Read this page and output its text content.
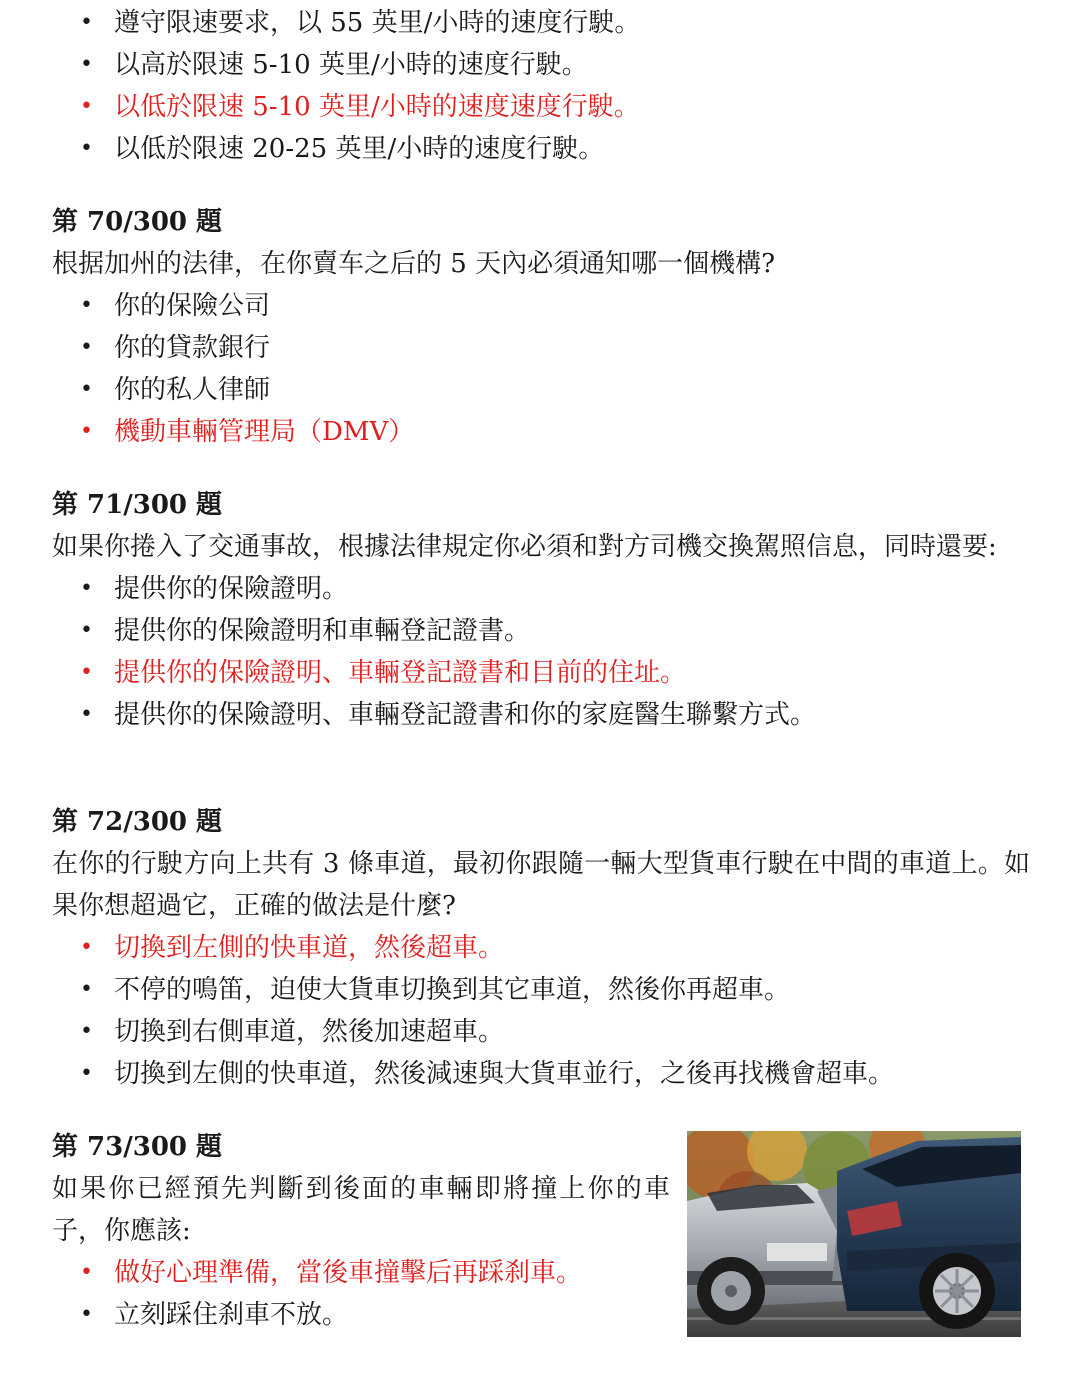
• 遵守限速要求，以 55 英里/小時的速度行駛。
• 以高於限速 5-10 英里/小時的速度行駛。
• 以低於限速 5-10 英里/小時的速度速度行駛。
• 以低於限速 20-25 英里/小時的速度行駛。
第 70/300 題

根据加州的法律，在你賣车之后的 5 天內必須通知哪一個機構?

• 你的保險公司
• 你的貸款銀行
• 你的私人律師
• 機動車輛管理局（DMV）
第 71/300 題

如果你捲入了交通事故，根據法律規定你必須和對方司機交換駕照信息，同時還要:

• 提供你的保險證明。
• 提供你的保險證明和車輛登記證書。
• 提供你的保險證明、車輛登記證書和目前的住址。
• 提供你的保險證明、車輛登記證書和你的家庭醫生聯繫方式。
第 72/300 題

在你的行駛方向上共有 3 條車道，最初你跟隨一輛大型貨車行駛在中間的車道上。如果你想超過它，正確的做法是什麼?

• 切換到左側的快車道，然後超車。
• 不停的鳴笛，迫使大貨車切換到其它車道，然後你再超車。
• 切換到右側車道，然後加速超車。
• 切換到左側的快車道，然後減速與大貨車並行，之後再找機會超車。
第 73/300 題

如果你已經預先判斷到後面的車輛即將撞上你的車子，你應該:

• 做好心理準備，當後車撞擊后再踩刹車。
• 立刻踩住刹車不放。
